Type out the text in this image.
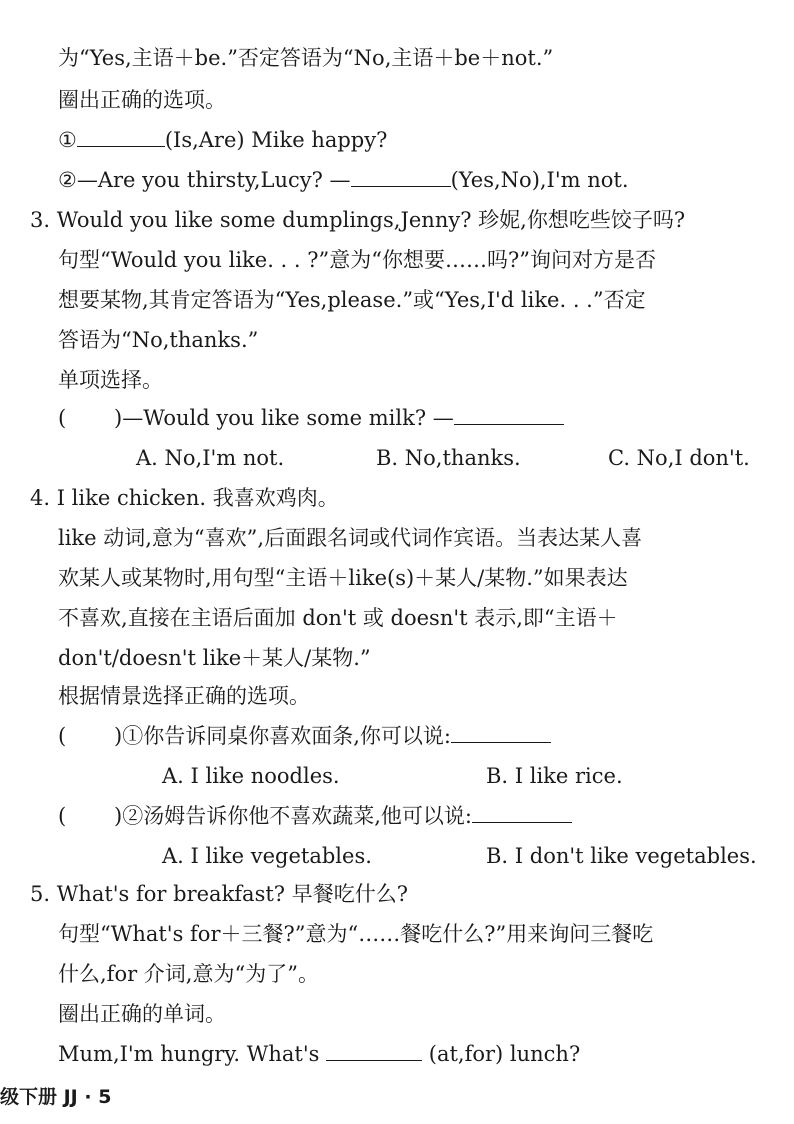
为“Yes,主语＋be.”否定答语为“No,主语＋be＋not.”
圈出正确的选项。
①	(Is,Are) Mike happy?
②—Are you thirsty,Lucy? —	(Yes,No),I'm not.
3. Would you like some dumplings,Jenny? 珍妮,你想吃些饺子吗?
句型“Would you like. . . ?”意为“你想要……吗?”询问对方是否
想要某物,其肯定答语为“Yes,please.”或“Yes,I'd like. . .”否定
答语为“No,thanks.”
单项选择。
( )—Would you like some milk? —
A. No,I'm not.	B. No,thanks.	C. No,I don't.
4. I like chicken. 我喜欢鸡肉。
like 动词,意为“喜欢”,后面跟名词或代词作宾语。当表达某人喜
欢某人或某物时,用句型“主语＋like(s)＋某人/某物.”如果表达
不喜欢,直接在主语后面加 don't 或 doesn't 表示,即“主语＋
don't/doesn't like＋某人/某物.”
根据情景选择正确的选项。
( )①你告诉同桌你喜欢面条,你可以说:
A. I like noodles.	B. I like rice.
( )②汤姆告诉你他不喜欢蔬菜,他可以说:
A. I like vegetables.	B. I don't like vegetables.
5. What's for breakfast? 早餐吃什么?
句型“What's for＋三餐?”意为“……餐吃什么?”用来询问三餐吃
什么,for 介词,意为“为了”。
圈出正确的单词。
Mum,I'm hungry. What's	(at,for) lunch?
级下册 JJ · 5
